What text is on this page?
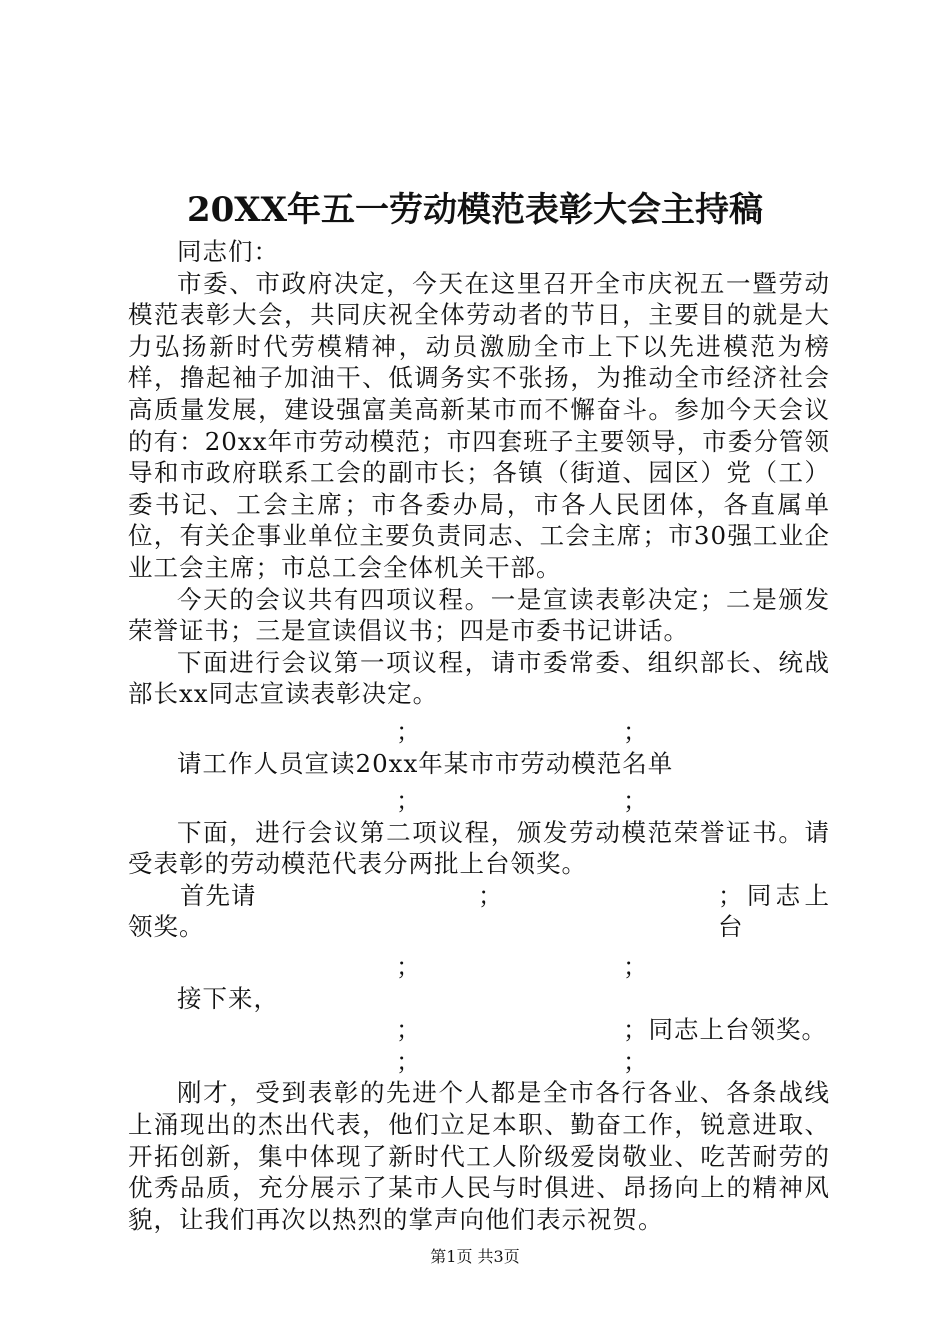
20XX年五一劳动模范表彰大会主持稿

同志们：

市委、市政府决定，今天在这里召开全市庆祝五一暨劳动模范表彰大会，共同庆祝全体劳动者的节日，主要目的就是大力弘扬新时代劳模精神，动员激励全市上下以先进模范为榜样，撸起袖子加油干、低调务实不张扬，为推动全市经济社会高质量发展，建设强富美高新某市而不懈奋斗。参加今天会议的有：20xx年市劳动模范；市四套班子主要领导，市委分管领导和市政府联系工会的副市长；各镇（街道、园区）党（工）委书记、工会主席；市各委办局，市各人民团体，各直属单位，有关企事业单位主要负责同志、工会主席；市30强工业企业工会主席；市总工会全体机关干部。

今天的会议共有四项议程。一是宣读表彰决定；二是颁发荣誉证书；三是宣读倡议书；四是市委书记讲话。

下面进行会议第一项议程，请市委常委、组织部长、统战部长xx同志宣读表彰决定。

；	；

请工作人员宣读20xx年某市市劳动模范名单

；	；

下面，进行会议第二项议程，颁发劳动模范荣誉证书。请受表彰的劳动模范代表分两批上台领奖。

首先请	；	；同志上台

领奖。

；	；

接下来，

；	；同志上台领奖。
；	；

刚才，受到表彰的先进个人都是全市各行各业、各条战线上涌现出的杰出代表，他们立足本职、勤奋工作，锐意进取、开拓创新，集中体现了新时代工人阶级爱岗敬业、吃苦耐劳的优秀品质，充分展示了某市人民与时俱进、昂扬向上的精神风貌，让我们再次以热烈的掌声向他们表示祝贺。

第1页 共3页
